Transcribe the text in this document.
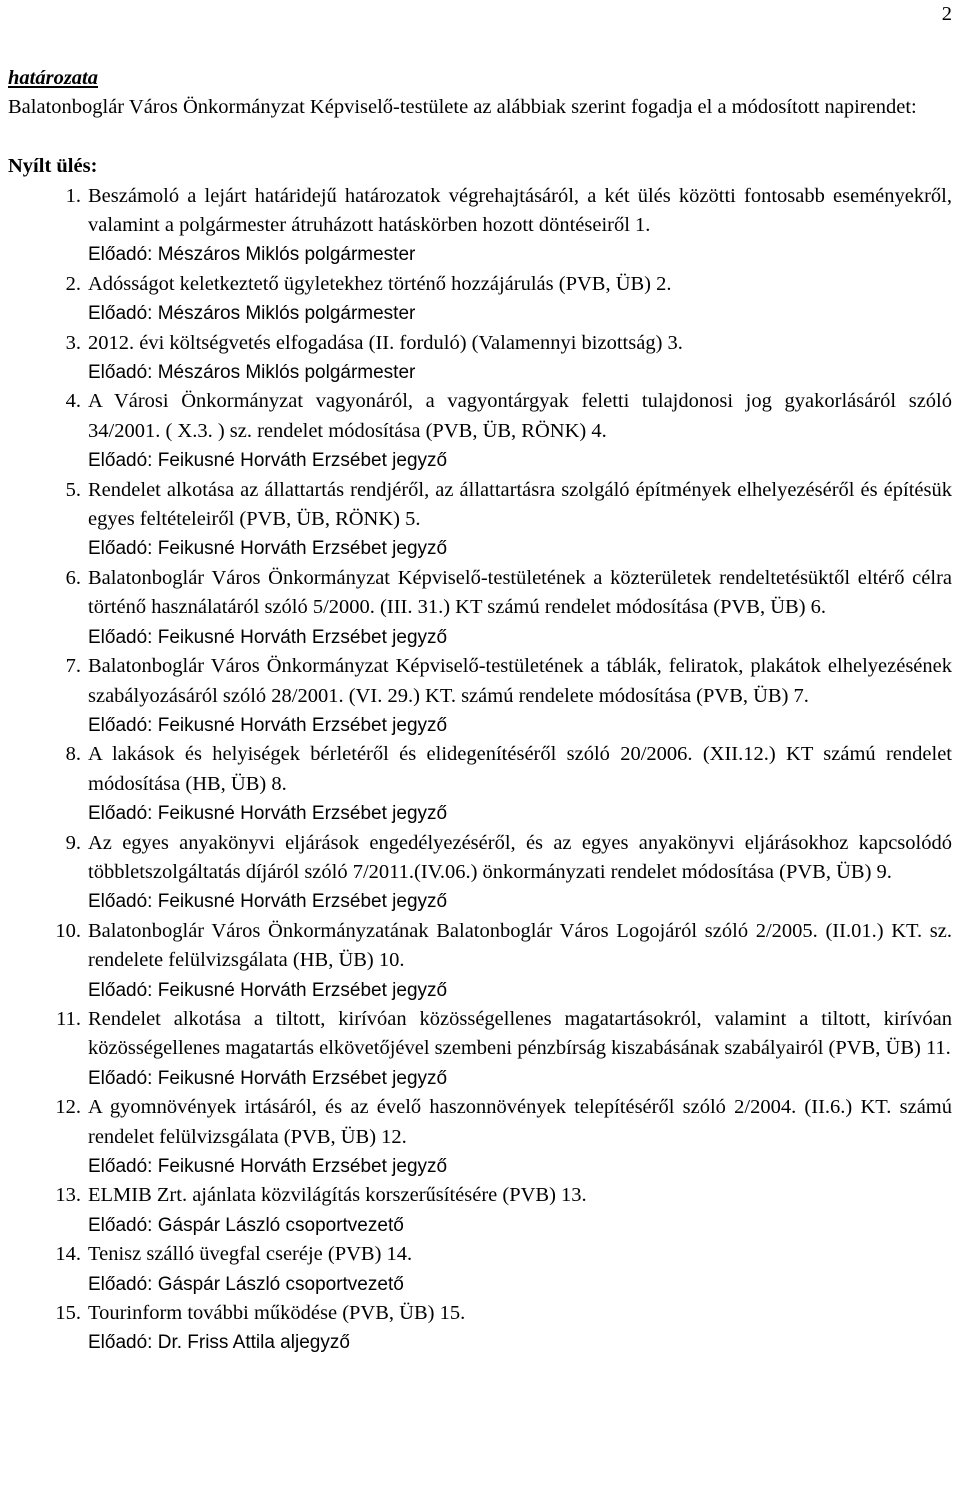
2
határozata

Balatonboglár Város Önkormányzat Képviselő-testülete az alábbiak szerint fogadja el a módosított napirendet:

Nyílt ülés:
1. Beszámoló a lejárt határidejű határozatok végrehajtásáról, a két ülés közötti fontosabb eseményekről, valamint a polgármester átruházott hatáskörben hozott döntéseiről 1.
Előadó: Mészáros Miklós polgármester
2. Adósságot keletkeztető ügyletekhez történő hozzájárulás (PVB, ÜB) 2.
Előadó: Mészáros Miklós polgármester
3. 2012. évi költségvetés elfogadása (II. forduló) (Valamennyi bizottság) 3.
Előadó: Mészáros Miklós polgármester
4. A Városi Önkormányzat vagyonáról, a vagyontárgyak feletti tulajdonosi jog gyakorlásáról szóló 34/2001. ( X.3. ) sz. rendelet módosítása (PVB, ÜB, RÖNK) 4.
Előadó: Feikusné Horváth Erzsébet jegyző
5. Rendelet alkotása az állattartás rendjéről, az állattartásra szolgáló építmények elhelyezéséről és építésük egyes feltételeiről (PVB, ÜB, RÖNK) 5.
Előadó: Feikusné Horváth Erzsébet jegyző
6. Balatonboglár Város Önkormányzat Képviselő-testületének a közterületek rendeltetésüktől eltérő célra történő használatáról szóló 5/2000. (III. 31.) KT számú rendelet módosítása (PVB, ÜB) 6.
Előadó: Feikusné Horváth Erzsébet jegyző
7. Balatonboglár Város Önkormányzat Képviselő-testületének a táblák, feliratok, plakátok elhelyezésének szabályozásáról szóló 28/2001. (VI. 29.) KT. számú rendelete módosítása (PVB, ÜB) 7.
Előadó: Feikusné Horváth Erzsébet jegyző
8. A lakások és helyiségek bérletéről és elidegenítéséről szóló 20/2006. (XII.12.) KT számú rendelet módosítása (HB, ÜB) 8.
Előadó: Feikusné Horváth Erzsébet jegyző
9. Az egyes anyakönyvi eljárások engedélyezéséről, és az egyes anyakönyvi eljárásokhoz kapcsolódó többletszolgáltatás díjáról szóló 7/2011.(IV.06.) önkormányzati rendelet módosítása (PVB, ÜB) 9.
Előadó: Feikusné Horváth Erzsébet jegyző
10. Balatonboglár Város Önkormányzatának Balatonboglár Város Logojáról szóló 2/2005. (II.01.) KT. sz. rendelete felülvizsgálata (HB, ÜB) 10.
Előadó: Feikusné Horváth Erzsébet jegyző
11. Rendelet alkotása a tiltott, kirívóan közösségellenes magatartásokról, valamint a tiltott, kirívóan közösségellenes magatartás elkövetőjével szembeni pénzbírság kiszabásának szabályairól (PVB, ÜB) 11.
Előadó: Feikusné Horváth Erzsébet jegyző
12. A gyomnövények irtásáról, és az évelő haszonnövények telepítéséről szóló 2/2004. (II.6.) KT. számú rendelet felülvizsgálata (PVB, ÜB) 12.
Előadó: Feikusné Horváth Erzsébet jegyző
13. ELMIB Zrt. ajánlata közvilágítás korszerűsítésére (PVB) 13.
Előadó: Gáspár László csoportvezető
14. Tenisz szálló üvegfal cseréje (PVB) 14.
Előadó: Gáspár László csoportvezető
15. Tourinform további működése (PVB, ÜB) 15.
Előadó: Dr. Friss Attila aljegyző
